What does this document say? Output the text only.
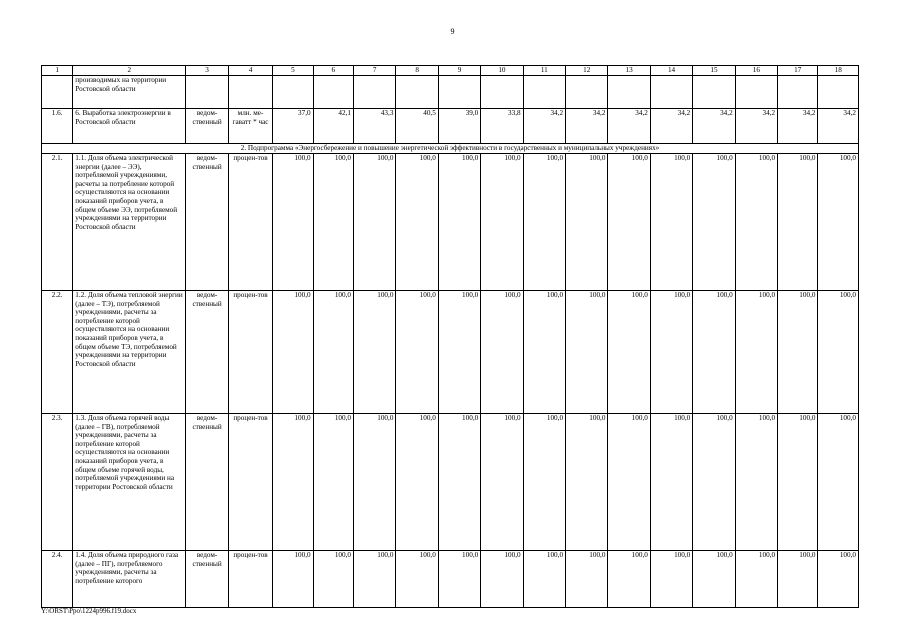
9
1	2	3	4	5	6	7	8	9	10	11	12	13	14	15	16	17	18
	производимых на территории Ростовской области																
1.6.	6. Выработка электроэнергии в Ростовской области	ведом-ственный	млн. ме-гаватт * час	37,0	42,1	43,3	40,5	39,0	33,8	34,2	34,2	34,2	34,2	34,2	34,2	34,2	34,2
2. Подпрограмма «Энергосбережение и повышение энергетической эффективности в государственных и муниципальных учреждениях»																	
2.1.	1.1. Доля объема электрической энергии (далее – ЭЭ), потребляемой учреждениями, расчеты за потребление которой осуществляются на основании показаний приборов учета, в общем объеме ЭЭ, потребляемой учреждениями на территории Ростовской области	ведом-ственный	процен-тов	100,0	100,0	100,0	100,0	100,0	100,0	100,0	100,0	100,0	100,0	100,0	100,0	100,0	100,0
2.2.	1.2. Доля объема тепловой энергии (далее – ТЭ), потребляемой учреждениями, расчеты за потребление которой осуществляются на основании показаний приборов учета, в общем объеме ТЭ, потребляемой учреждениями на территории Ростовской области	ведом-ственный	процен-тов	100,0	100,0	100,0	100,0	100,0	100,0	100,0	100,0	100,0	100,0	100,0	100,0	100,0	100,0
2.3.	1.3. Доля объема горячей воды (далее – ГВ), потребляемой учреждениями, расчеты за потребление которой осуществляются на основании показаний приборов учета, в общем объеме горячей воды, потребляемой учреждениями на территории Ростовской области	ведом-ственный	процен-тов	100,0	100,0	100,0	100,0	100,0	100,0	100,0	100,0	100,0	100,0	100,0	100,0	100,0	100,0
2.4.	1.4. Доля объема природного газа (далее – ПГ), потребляемого учреждениями, расчеты за потребление которого	ведом-ственный	процен-тов	100,0	100,0	100,0	100,0	100,0	100,0	100,0	100,0	100,0	100,0	100,0	100,0	100,0	100,0
Y:\ORST\Ppo\1224p996.f19.docx
